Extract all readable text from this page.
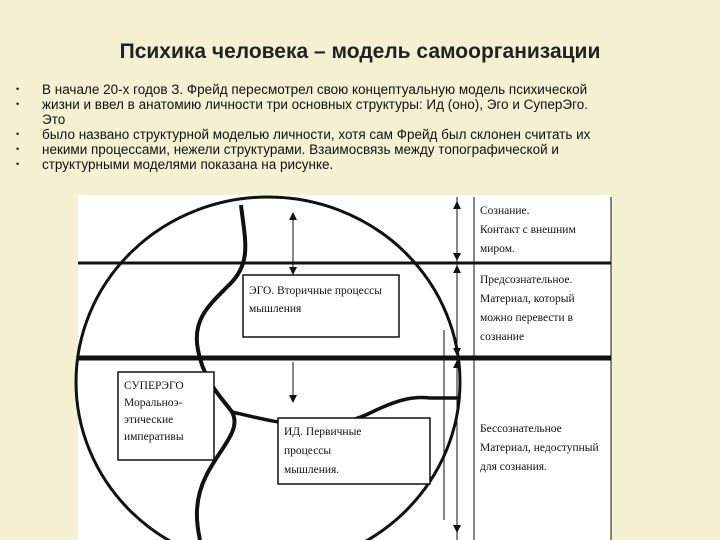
Психика человека – модель самоорганизации
•	В начале 20-х годов З. Фрейд пересмотрел свою концептуальную модель психической
•	жизни и ввел в анатомию личности три основных структуры: Ид (оно), Эго и СуперЭго.
Это
•	было названо структурной моделью личности, хотя сам Фрейд был склонен считать их
•	некими процессами, нежели структурами. Взаимосвязь между топографической и
•	структурными моделями показана на рисунке.
ЭГО. Вторичные процессы
мышления
СУПЕРЭГО
Моральноэ-
этические
императивы	ИД. Первичные
процессы
мышления.
Сознание.
Контакт с внешним
миром.
Предсознательное.
Материал, который
можно перевести в
сознание
Бессознательное
Материал, недоступный
для сознания.
